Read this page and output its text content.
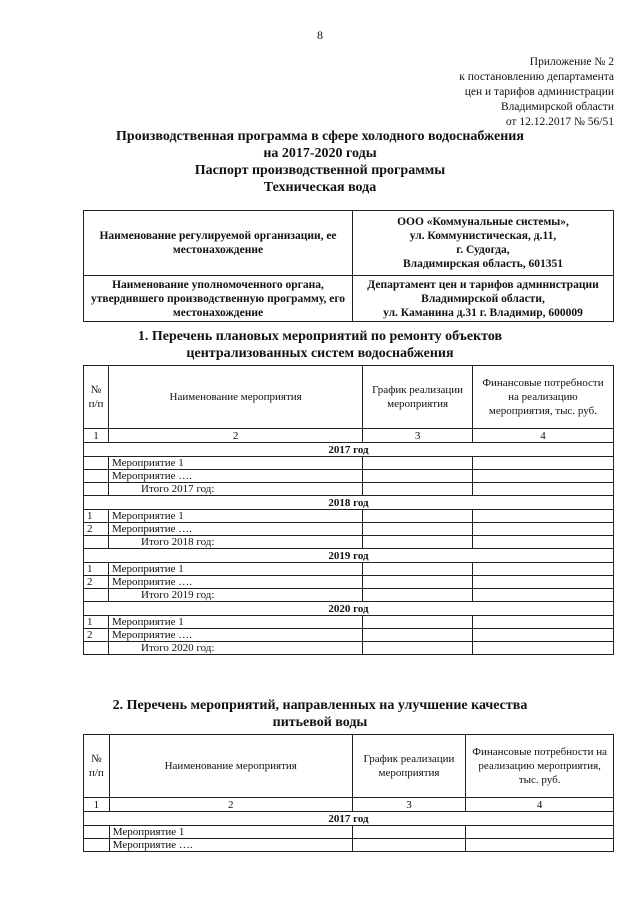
8
Приложение № 2
к постановлению департамента
цен и тарифов администрации
Владимирской области
от 12.12.2017 № 56/51
Производственная программа в сфере холодного водоснабжения
на 2017-2020 годы
Паспорт производственной программы
Техническая вода
Наименование регулируемой организации, ее местонахождение	ООО «Коммунальные системы»,
ул. Коммунистическая, д.11,
г. Судогда,
Владимирская область, 601351

Наименование уполномоченного органа, утвердившего производственную программу, его местонахождение	Департамент цен и тарифов администрации
Владимирской области,
ул. Каманина д.31 г. Владимир, 600009
1. Перечень плановых мероприятий по ремонту объектов
централизованных систем водоснабжения
№ п/п	Наименование мероприятия	График реализации мероприятия	Финансовые потребности на реализацию мероприятия, тыс. руб.
1	2	3	4
2017 год			
	Мероприятие 1		
	Мероприятие ….		
	Итого 2017 год:		
2018 год			
1	Мероприятие 1		
2	Мероприятие ….		
	Итого 2018 год:		
2019 год			
1	Мероприятие 1		
2	Мероприятие ….		
	Итого 2019 год:		
2020 год			
1	Мероприятие 1		
2	Мероприятие ….		
	Итого 2020 год:		
2. Перечень мероприятий, направленных на улучшение качества
питьевой воды
№ п/п	Наименование мероприятия	График реализации мероприятия	Финансовые потребности на реализацию мероприятия, тыс. руб.
1	2	3	4
2017 год			
	Мероприятие 1		
	Мероприятие ….		
